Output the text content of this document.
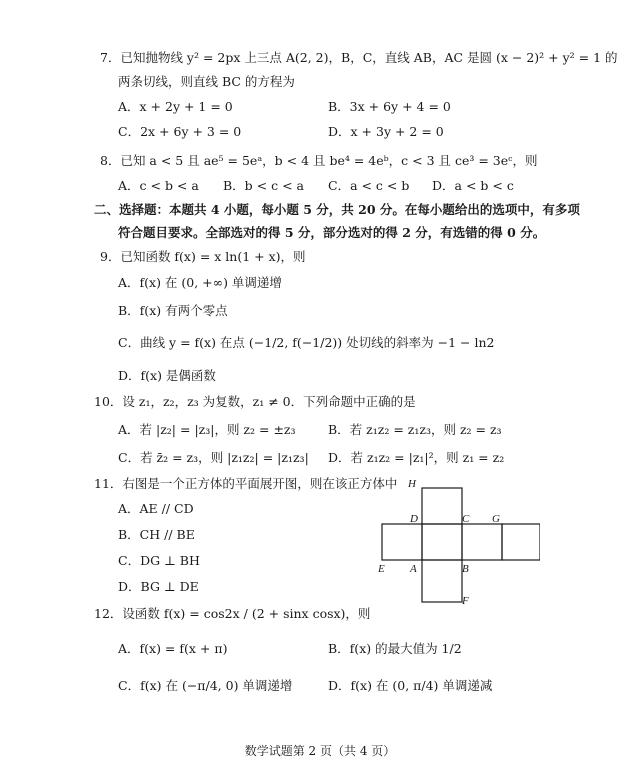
7．已知抛物线 y² = 2px 上三点 A(2, 2)，B，C，直线 AB，AC 是圆 (x − 2)² + y² = 1 的
两条切线，则直线 BC 的方程为
A．x + 2y + 1 = 0	B．3x + 6y + 4 = 0
C．2x + 6y + 3 = 0	D．x + 3y + 2 = 0
8．已知 a < 5 且 ae⁵ = 5eᵃ，b < 4 且 be⁴ = 4eᵇ，c < 3 且 ce³ = 3eᶜ，则
A．c < b < a B．b < c < a C．a < c < b D．a < b < c
二、选择题：本题共 4 小题，每小题 5 分，共 20 分。在每小题给出的选项中，有多项
符合题目要求。全部选对的得 5 分，部分选对的得 2 分，有选错的得 0 分。
9．已知函数 f(x) = x ln(1 + x)，则
A．f(x) 在 (0, +∞) 单调递增
B．f(x) 有两个零点
C．曲线 y = f(x) 在点 (−1/2, f(−1/2)) 处切线的斜率为 −1 − ln2
D．f(x) 是偶函数
10．设 z₁，z₂，z₃ 为复数，z₁ ≠ 0．下列命题中正确的是
A．若 |z₂| = |z₃|，则 z₂ = ±z₃	B．若 z₁z₂ = z₁z₃，则 z₂ = z₃
C．若 z̄₂ = z₃，则 |z₁z₂| = |z₁z₃| D．若 z₁z₂ = |z₁|²，则 z₁ = z₂
11．右图是一个正方体的平面展开图，则在该正方体中
A．AE // CD
B．CH // BE
C．DG ⊥ BH
D．BG ⊥ DE
H
D	C G
E A	B
F
12．设函数 f(x) = cos2x / (2 + sinx cosx)，则
A．f(x) = f(x + π)	B．f(x) 的最大值为 1/2
C．f(x) 在 (−π/4, 0) 单调递增	D．f(x) 在 (0, π/4) 单调递减
数学试题第 2 页（共 4 页）
